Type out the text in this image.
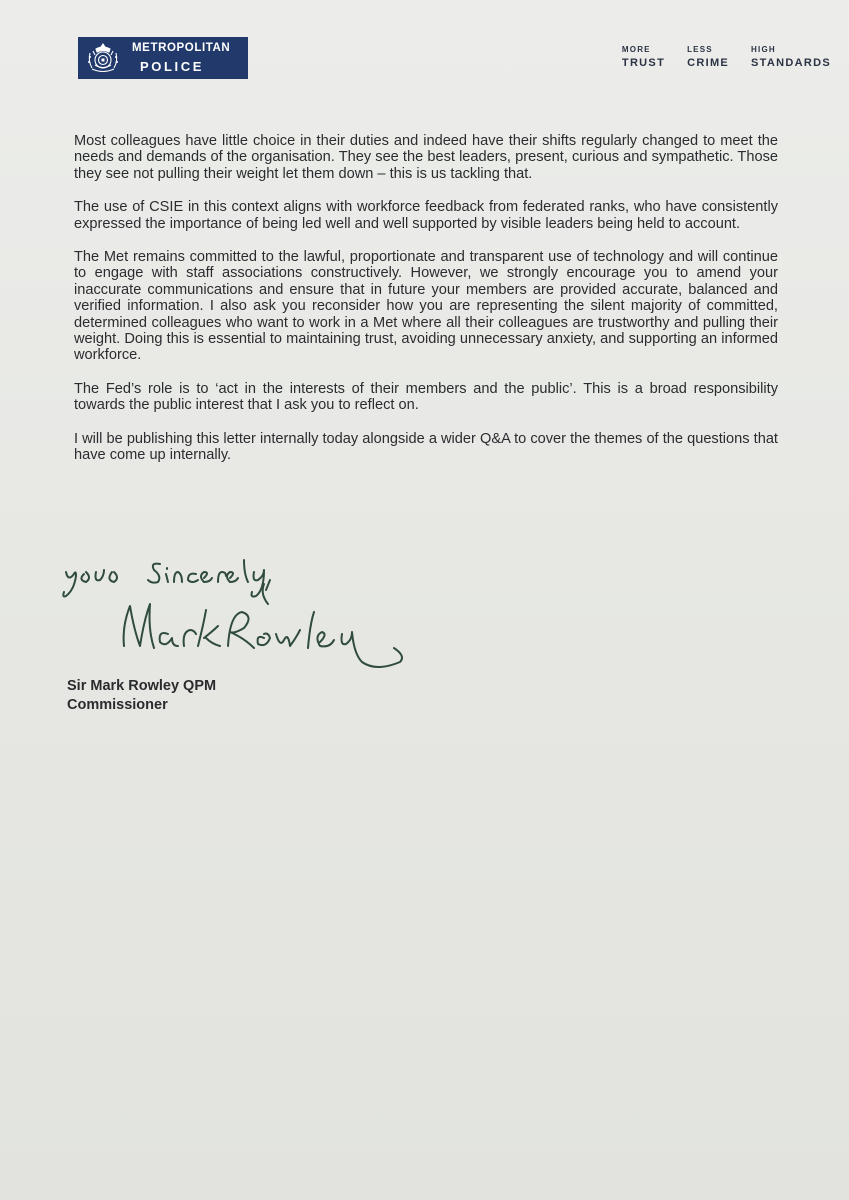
METROPOLITAN
POLICE
MORE
TRUST
LESS
CRIME
HIGH
STANDARDS

Most colleagues have little choice in their duties and indeed have their shifts regularly changed to meet the needs and demands of the organisation. They see the best leaders, present, curious and sympathetic. Those they see not pulling their weight let them down – this is us tackling that.

The use of CSIE in this context aligns with workforce feedback from federated ranks, who have consistently expressed the importance of being led well and well supported by visible leaders being held to account.

The Met remains committed to the lawful, proportionate and transparent use of technology and will continue to engage with staff associations constructively. However, we strongly encourage you to amend your inaccurate communications and ensure that in future your members are provided accurate, balanced and verified information. I also ask you reconsider how you are representing the silent majority of committed, determined colleagues who want to work in a Met where all their colleagues are trustworthy and pulling their weight. Doing this is essential to maintaining trust, avoiding unnecessary anxiety, and supporting an informed workforce.

The Fed’s role is to ‘act in the interests of their members and the public’. This is a broad responsibility towards the public interest that I ask you to reflect on.

I will be publishing this letter internally today alongside a wider Q&A to cover the themes of the questions that have come up internally.

Sir Mark Rowley QPM
Commissioner
